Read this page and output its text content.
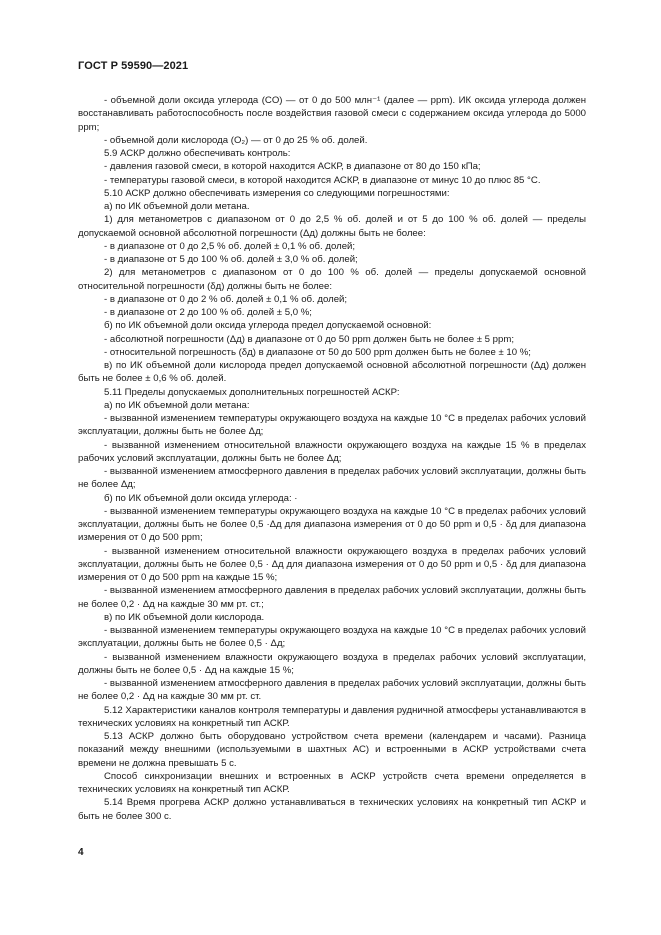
ГОСТ Р 59590—2021

- объемной доли оксида углерода (CO) — от 0 до 500 млн⁻¹ (далее — ppm). ИК оксида углерода должен восстанавливать работоспособность после воздействия газовой смеси с содержанием оксида углерода до 5000 ppm;

- объемной доли кислорода (O₂) — от 0 до 25 % об. долей.

5.9 АСКР должно обеспечивать контроль:

- давления газовой смеси, в которой находится АСКР, в диапазоне от 80 до 150 кПа;

- температуры газовой смеси, в которой находится АСКР, в диапазоне от минус 10 до плюс 85 °С.

5.10 АСКР должно обеспечивать измерения со следующими погрешностями:

а) по ИК объемной доли метана.

1) для метанометров с диапазоном от 0 до 2,5 % об. долей и от 5 до 100 % об. долей — пределы допускаемой основной абсолютной погрешности (Δд) должны быть не более:

- в диапазоне от 0 до 2,5 % об. долей ± 0,1 % об. долей;

- в диапазоне от 5 до 100 % об. долей ± 3,0 % об. долей;

2) для метанометров с диапазоном от 0 до 100 % об. долей — пределы допускаемой основной относительной погрешности (δд) должны быть не более:

- в диапазоне от 0 до 2 % об. долей ± 0,1 % об. долей;

- в диапазоне от 2 до 100 % об. долей ± 5,0 %;

б) по ИК объемной доли оксида углерода предел допускаемой основной:

- абсолютной погрешности (Δд) в диапазоне от 0 до 50 ppm должен быть не более ± 5 ppm;

- относительной погрешность (δд) в диапазоне от 50 до 500 ppm должен быть не более ± 10 %;

в) по ИК объемной доли кислорода предел допускаемой основной абсолютной погрешности (Δд) должен быть не более ± 0,6 % об. долей.

5.11 Пределы допускаемых дополнительных погрешностей АСКР:

а) по ИК объемной доли метана:

- вызванной изменением температуры окружающего воздуха на каждые 10 °С в пределах рабочих условий эксплуатации, должны быть не более Δд;

- вызванной изменением относительной влажности окружающего воздуха на каждые 15 % в пределах рабочих условий эксплуатации, должны быть не более Δд;

- вызванной изменением атмосферного давления в пределах рабочих условий эксплуатации, должны быть не более Δд;

б) по ИК объемной доли оксида углерода: ·

- вызванной изменением температуры окружающего воздуха на каждые 10 °С в пределах рабочих условий эксплуатации, должны быть не более 0,5 ·Δд для диапазона измерения от 0 до 50 ppm и 0,5 · δд для диапазона измерения от 0 до 500 ppm;

- вызванной изменением относительной влажности окружающего воздуха в пределах рабочих условий эксплуатации, должны быть не более 0,5 · Δд для диапазона измерения от 0 до 50 ppm и 0,5 · δд для диапазона измерения от 0 до 500 ppm на каждые 15 %;

- вызванной изменением атмосферного давления в пределах рабочих условий эксплуатации, должны быть не более 0,2 · Δд на каждые 30 мм рт. ст.;

в) по ИК объемной доли кислорода.

- вызванной изменением температуры окружающего воздуха на каждые 10 °С в пределах рабочих условий эксплуатации, должны быть не более 0,5 · Δд;

- вызванной изменением влажности окружающего воздуха в пределах рабочих условий эксплуатации, должны быть не более 0,5 · Δд на каждые 15 %;

- вызванной изменением атмосферного давления в пределах рабочих условий эксплуатации, должны быть не более 0,2 · Δд на каждые 30 мм рт. ст.

5.12 Характеристики каналов контроля температуры и давления рудничной атмосферы устанавливаются в технических условиях на конкретный тип АСКР.

5.13 АСКР должно быть оборудовано устройством счета времени (календарем и часами). Разница показаний между внешними (используемыми в шахтных АС) и встроенными в АСКР устройствами счета времени не должна превышать 5 с.

Способ синхронизации внешних и встроенных в АСКР устройств счета времени определяется в технических условиях на конкретный тип АСКР.

5.14 Время прогрева АСКР должно устанавливаться в технических условиях на конкретный тип АСКР и быть не более 300 с.

4
